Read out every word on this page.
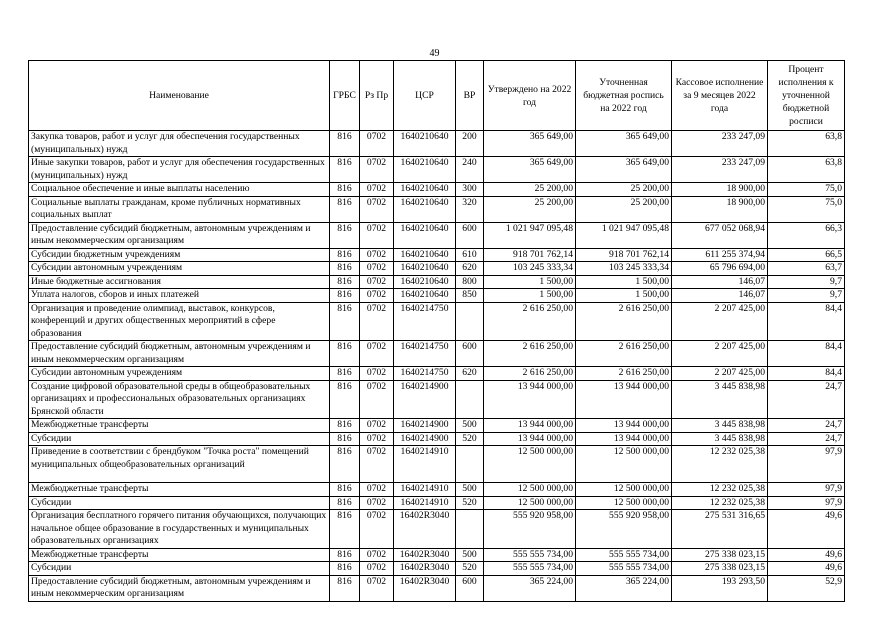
49
Наименование	ГРБС	Рз Пр	ЦСР	ВР	Утверждено на 2022 год	Уточненная бюджетная роспись на 2022 год	Кассовое исполнение за 9 месяцев 2022 года	Процент исполнения к уточненной бюджетной росписи
Закупка товаров, работ и услуг для обеспечения государственных (муниципальных) нужд	816	0702	1640210640	200	365 649,00	365 649,00	233 247,09	63,8
Иные закупки товаров, работ и услуг для обеспечения государственных (муниципальных) нужд	816	0702	1640210640	240	365 649,00	365 649,00	233 247,09	63,8
Социальное обеспечение и иные выплаты населению	816	0702	1640210640	300	25 200,00	25 200,00	18 900,00	75,0
Социальные выплаты гражданам, кроме публичных нормативных социальных выплат	816	0702	1640210640	320	25 200,00	25 200,00	18 900,00	75,0
Предоставление субсидий бюджетным, автономным учреждениям и иным некоммерческим организациям	816	0702	1640210640	600	1 021 947 095,48	1 021 947 095,48	677 052 068,94	66,3
Субсидии бюджетным учреждениям	816	0702	1640210640	610	918 701 762,14	918 701 762,14	611 255 374,94	66,5
Субсидии автономным учреждениям	816	0702	1640210640	620	103 245 333,34	103 245 333,34	65 796 694,00	63,7
Иные бюджетные ассигнования	816	0702	1640210640	800	1 500,00	1 500,00	146,07	9,7
Уплата налогов, сборов и иных платежей	816	0702	1640210640	850	1 500,00	1 500,00	146,07	9,7
Организация и проведение олимпиад, выставок, конкурсов, конференций и других общественных мероприятий в сфере образования	816	0702	1640214750		2 616 250,00	2 616 250,00	2 207 425,00	84,4
Предоставление субсидий бюджетным, автономным учреждениям и иным некоммерческим организациям	816	0702	1640214750	600	2 616 250,00	2 616 250,00	2 207 425,00	84,4
Субсидии автономным учреждениям	816	0702	1640214750	620	2 616 250,00	2 616 250,00	2 207 425,00	84,4
Создание цифровой образовательной среды в общеобразовательных организациях и профессиональных образовательных организациях Брянской области	816	0702	1640214900		13 944 000,00	13 944 000,00	3 445 838,98	24,7
Межбюджетные трансферты	816	0702	1640214900	500	13 944 000,00	13 944 000,00	3 445 838,98	24,7
Субсидии	816	0702	1640214900	520	13 944 000,00	13 944 000,00	3 445 838,98	24,7
Приведение в соответствии с брендбуком "Точка роста" помещений муниципальных общеобразовательных организаций	816	0702	1640214910		12 500 000,00	12 500 000,00	12 232 025,38	97,9
Межбюджетные трансферты	816	0702	1640214910	500	12 500 000,00	12 500 000,00	12 232 025,38	97,9
Субсидии	816	0702	1640214910	520	12 500 000,00	12 500 000,00	12 232 025,38	97,9
Организация бесплатного горячего питания обучающихся, получающих начальное общее образование в государственных и муниципальных образовательных организациях	816	0702	16402R3040		555 920 958,00	555 920 958,00	275 531 316,65	49,6
Межбюджетные трансферты	816	0702	16402R3040	500	555 555 734,00	555 555 734,00	275 338 023,15	49,6
Субсидии	816	0702	16402R3040	520	555 555 734,00	555 555 734,00	275 338 023,15	49,6
Предоставление субсидий бюджетным, автономным учреждениям и иным некоммерческим организациям	816	0702	16402R3040	600	365 224,00	365 224,00	193 293,50	52,9
